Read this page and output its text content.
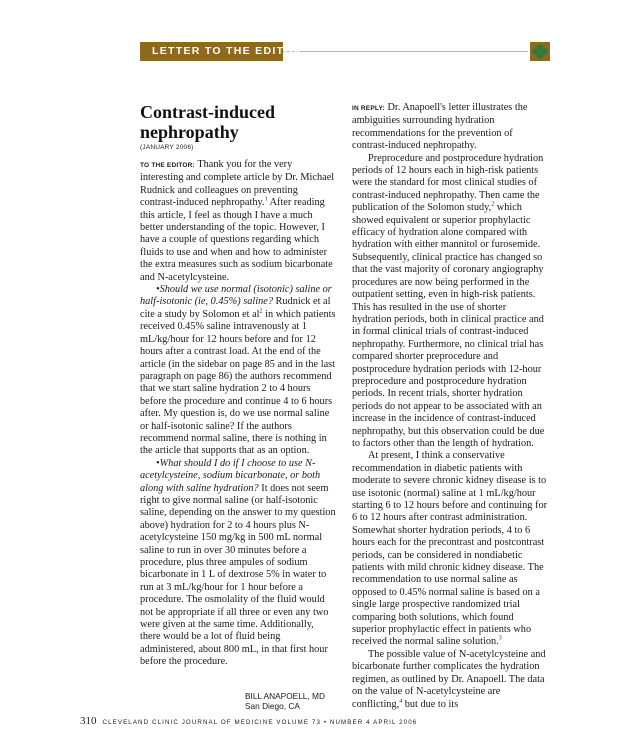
LETTER TO THE EDITOR
Contrast-induced nephropathy
(JANUARY 2006)

TO THE EDITOR: Thank you for the very interesting and complete article by Dr. Michael Rudnick and colleagues on preventing contrast-induced nephropathy.$^1$ After reading this article, I feel as though I have a much better understanding of the topic. However, I have a couple of questions regarding which fluids to use and when and how to administer the extra measures such as sodium bicarbonate and N-acetylcysteine.

•Should we use normal (isotonic) saline or half-isotonic (ie, 0.45%) saline? Rudnick et al cite a study by Solomon et $al^2$ in which patients received 0.45% saline intravenously at 1 mL/kg/hour for 12 hours before and for 12 hours after a contrast load. At the end of the article (in the sidebar on page 85 and in the last paragraph on page 86) the authors recommend that we start saline hydration 2 to 4 hours before the procedure and continue 4 to 6 hours after. My question is, do we use normal saline or half-isotonic saline? If the authors recommend normal saline, there is nothing in the article that supports that as an option.

•What should I do if I choose to use N-acetylcysteine, sodium bicarbonate, or both along with saline hydration? It does not seem right to give normal saline (or half-isotonic saline, depending on the answer to my question above) hydration for 2 to 4 hours plus N-acetylcysteine 150 mg/kg in 500 mL normal saline to run in over 30 minutes before a procedure, plus three ampules of sodium bicarbonate in 1 L of dextrose 5% in water to run at 3 mL/kg/hour for 1 hour before a procedure. The osmolality of the fluid would not be appropriate if all three or even any two were given at the same time. Additionally, there would be a lot of fluid being administered, about 800 mL, in that first hour before the procedure.

BILL ANAPOELL, MD
San Diego, CA

IN REPLY: Dr. Anapoell's letter illustrates the ambiguities surrounding hydration recommendations for the prevention of contrast-induced nephropathy.

Preprocedure and postprocedure hydration periods of 12 hours each in high-risk patients were the standard for most clinical studies of contrast-induced nephropathy. Then came the publication of the Solomon study,$^2$ which showed equivalent or superior prophylactic efficacy of hydration alone compared with hydration with either mannitol or furosemide. Subsequently, clinical practice has changed so that the vast majority of coronary angiography procedures are now being performed in the outpatient setting, even in high-risk patients. This has resulted in the use of shorter hydration periods, both in clinical practice and in formal clinical trials of contrast-induced nephropathy. Furthermore, no clinical trial has compared shorter preprocedure and postprocedure hydration periods with 12-hour preprocedure and postprocedure hydration periods. In recent trials, shorter hydration periods do not appear to be associated with an increase in the incidence of contrast-induced nephropathy, but this observation could be due to factors other than the length of hydration.

At present, I think a conservative recommendation in diabetic patients with moderate to severe chronic kidney disease is to use isotonic (normal) saline at 1 mL/kg/hour starting 6 to 12 hours before and continuing for 6 to 12 hours after contrast administration. Somewhat shorter hydration periods, 4 to 6 hours each for the precontrast and postcontrast periods, can be considered in nondiabetic patients with mild chronic kidney disease. The recommendation to use normal saline as opposed to 0.45% normal saline is based on a single large prospective randomized trial comparing both solutions, which found superior prophylactic effect in patients who received the normal saline solution.$^3$

The possible value of N-acetylcysteine and bicarbonate further complicates the hydration regimen, as outlined by Dr. Anapoell. The data on the value of N-acetylcysteine are conflicting,$^4$ but due to its

310 CLEVELAND CLINIC JOURNAL OF MEDICINE VOLUME 73 • NUMBER 4 APRIL 2006
